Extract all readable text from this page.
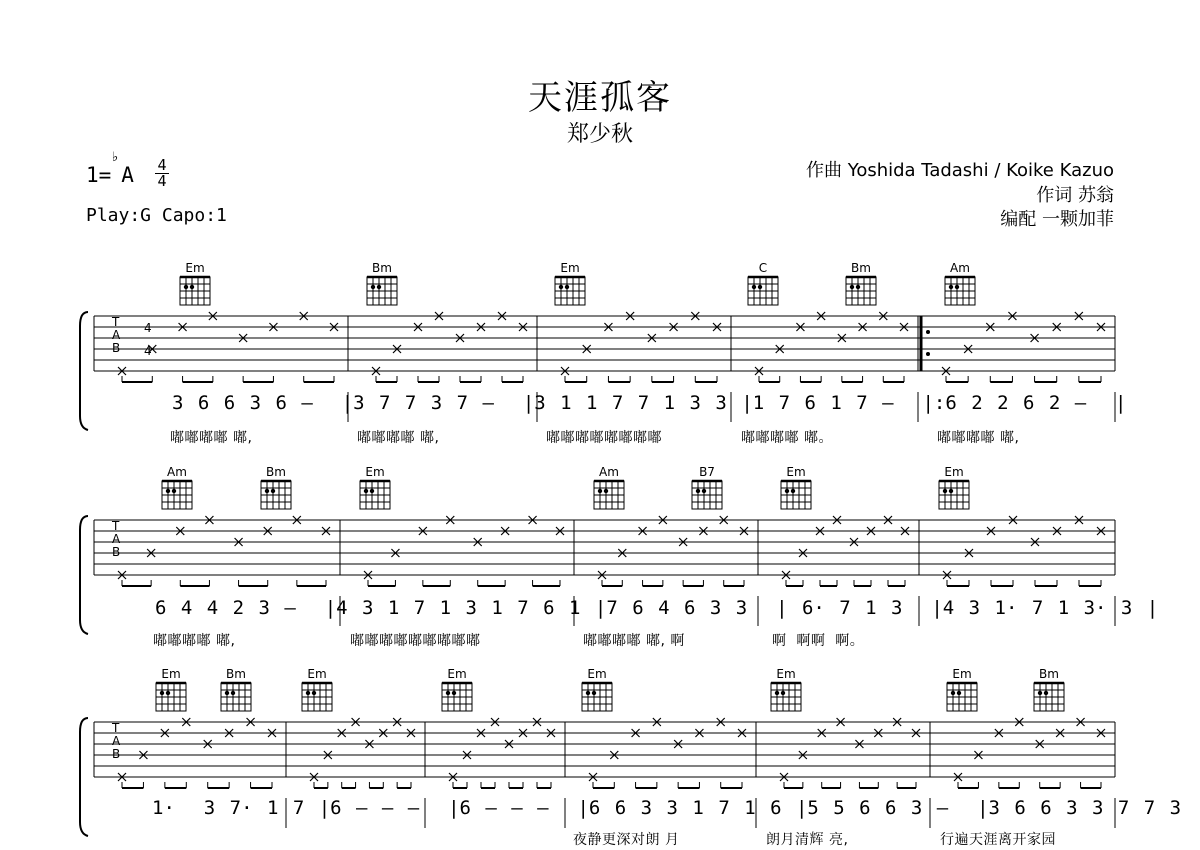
天涯孤客
郑少秋
1= A
♭
$\frac{4}{4}$
Play:G Capo:1
作曲 Yoshida Tadashi / Koike Kazuo
作词 苏翁
编配 一颗加菲
Em	Bm	Em	C	Bm	Am
Am	Bm	Em	Am	B7	Em	Em
Em	Bm	Em	Em	Em	Em	Em	Bm
T
A
B
4
4
T
A
B
T
A
B
3 6 6 3 6 –  |3 7 7 3 7 –  |3 1 1 7 7 1 3 3 |1 7 6 1 7 –  |:6 2 2 6 2 –  |
6 4 4 2 3 –  |4 3 1 7 1 3 1 7 6 1 |7 6 4 6 3 3  | 6· 7 1 3  |4 3 1· 7 1 3· 3 |
1·  3 7· 1 7 |6 – – –  |6 – – –  |6 6 3 3 1 7 1 6 |5 5 6 6 3 –  |3 6 6 3 3 7 7 3
嘟嘟嘟嘟 嘟,	嘟嘟嘟嘟 嘟,	嘟嘟嘟嘟嘟嘟嘟嘟	嘟嘟嘟嘟 嘟。	嘟嘟嘟嘟 嘟,
嘟嘟嘟嘟 嘟,	嘟嘟嘟嘟嘟嘟嘟嘟嘟	嘟嘟嘟嘟 嘟, 啊	啊  啊啊  啊。
夜静更深对朗 月	朗月清辉 亮,	行遍天涯离开家园
